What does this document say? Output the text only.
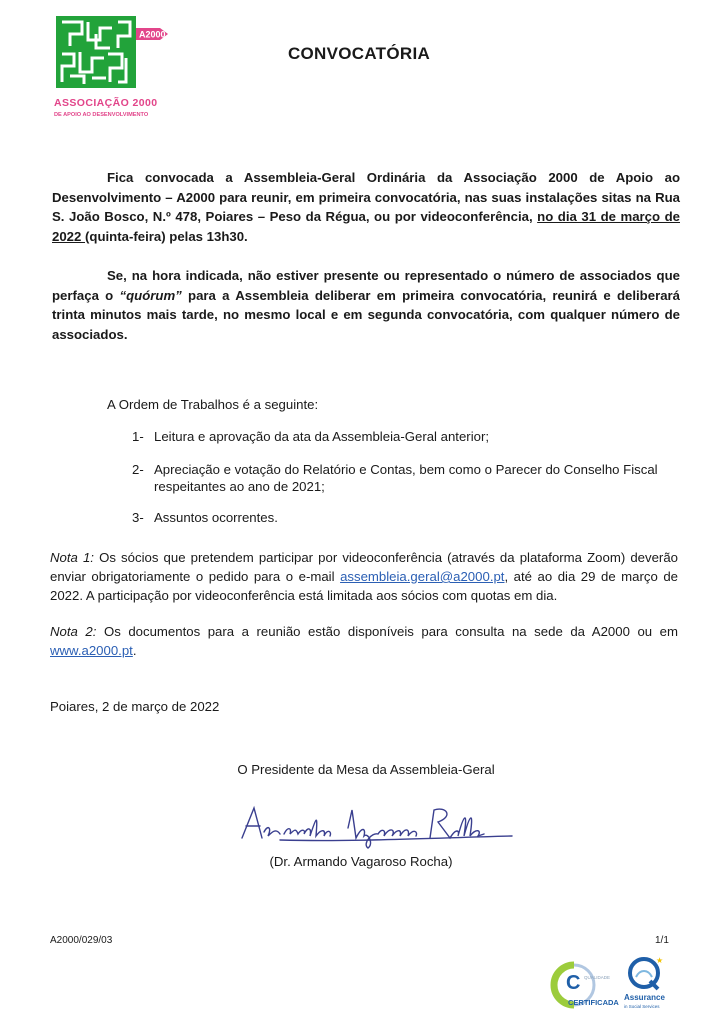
A2000
ASSOCIAÇÃO 2000
DE APOIO AO DESENVOLVIMENTO
CONVOCATÓRIA
Fica convocada a Assembleia-Geral Ordinária da Associação 2000 de Apoio ao Desenvolvimento – A2000 para reunir, em primeira convocatória, nas suas instalações sitas na Rua S. João Bosco, N.º 478, Poiares – Peso da Régua, ou por videoconferência, no dia 31 de março de 2022 (quinta-feira) pelas 13h30.
Se, na hora indicada, não estiver presente ou representado o número de associados que perfaça o “quórum” para a Assembleia deliberar em primeira convocatória, reunirá e deliberará trinta minutos mais tarde, no mesmo local e em segunda convocatória, com qualquer número de associados.
A Ordem de Trabalhos é a seguinte:
1- Leitura e aprovação da ata da Assembleia-Geral anterior;
2- Apreciação e votação do Relatório e Contas, bem como o Parecer do Conselho Fiscal respeitantes ao ano de 2021;
3- Assuntos ocorrentes.
Nota 1: Os sócios que pretendem participar por videoconferência (através da plataforma Zoom) deverão enviar obrigatoriamente o pedido para o e-mail assembleia.geral@a2000.pt, até ao dia 29 de março de 2022. A participação por videoconferência está limitada aos sócios com quotas em dia.
Nota 2: Os documentos para a reunião estão disponíveis para consulta na sede da A2000 ou em www.a2000.pt.
Poiares, 2 de março de 2022
O Presidente da Mesa da Assembleia-Geral
(Dr. Armando Vagaroso Rocha)
A2000/029/03	1/1
C QUALIDADE
CERTIFICADA
★
Assurance
in Social Services
